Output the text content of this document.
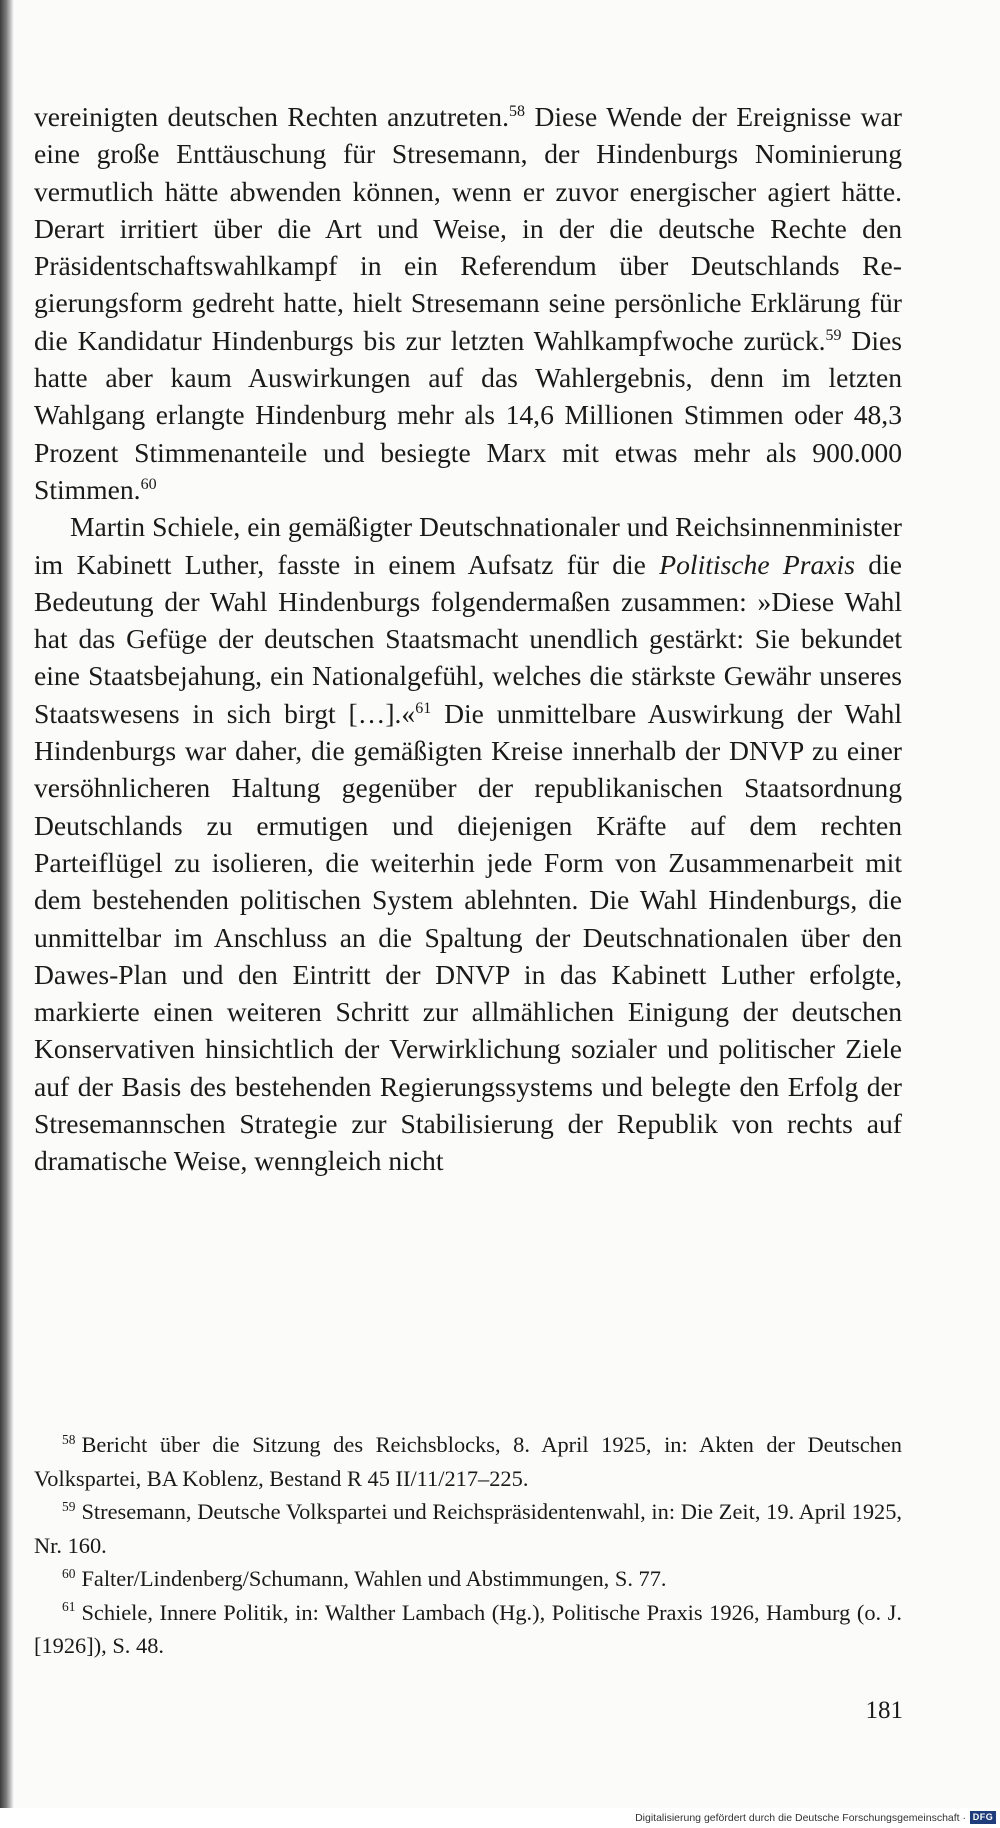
vereinigten deutschen Rechten anzutreten.$^{58}$ Diese Wende der Ereignisse war eine große Enttäuschung für Stresemann, der Hindenburgs Nominierung vermutlich hätte abwenden können, wenn er zuvor energischer agiert hätte. Derart irritiert über die Art und Weise, in der die deutsche Rechte den Präsidentschaftswahlkampf in ein Referendum über Deutschlands Regierungsform gedreht hatte, hielt Stresemann seine persönliche Erklärung für die Kandidatur Hindenburgs bis zur letzten Wahlkampfwoche zurück.$^{59}$ Dies hatte aber kaum Auswirkungen auf das Wahlergebnis, denn im letzten Wahlgang erlangte Hindenburg mehr als 14,6 Millionen Stimmen oder 48,3 Prozent Stimmenanteile und besiegte Marx mit etwas mehr als 900.000 Stimmen.$^{60}$

Martin Schiele, ein gemäßigter Deutschnationaler und Reichsinnenminister im Kabinett Luther, fasste in einem Aufsatz für die Politische Praxis die Bedeutung der Wahl Hindenburgs folgendermaßen zusammen: »Diese Wahl hat das Gefüge der deutschen Staatsmacht unendlich gestärkt: Sie bekundet eine Staatsbejahung, ein Nationalgefühl, welches die stärkste Gewähr unseres Staatswesens in sich birgt […].«$^{61}$ Die unmittelbare Auswirkung der Wahl Hindenburgs war daher, die gemäßigten Kreise innerhalb der DNVP zu einer versöhnlicheren Haltung gegenüber der republikanischen Staatsordnung Deutschlands zu ermutigen und diejenigen Kräfte auf dem rechten Parteiflügel zu isolieren, die weiterhin jede Form von Zusammenarbeit mit dem bestehenden politischen System ablehnten. Die Wahl Hindenburgs, die unmittelbar im Anschluss an die Spaltung der Deutschnationalen über den Dawes-Plan und den Eintritt der DNVP in das Kabinett Luther erfolgte, markierte einen weiteren Schritt zur allmählichen Einigung der deutschen Konservativen hinsichtlich der Verwirklichung sozialer und politischer Ziele auf der Basis des bestehenden Regierungssystems und belegte den Erfolg der Stresemannschen Strategie zur Stabilisierung der Republik von rechts auf dramatische Weise, wenngleich nicht

$^{58}$ Bericht über die Sitzung des Reichsblocks, 8. April 1925, in: Akten der Deutschen Volkspartei, BA Koblenz, Bestand R 45 II/11/217–225.

$^{59}$ Stresemann, Deutsche Volkspartei und Reichspräsidentenwahl, in: Die Zeit, 19. April 1925, Nr. 160.

$^{60}$ Falter/Lindenberg/Schumann, Wahlen und Abstimmungen, S. 77.

$^{61}$ Schiele, Innere Politik, in: Walther Lambach (Hg.), Politische Praxis 1926, Hamburg (o. J. [1926]), S. 48.

181
Digitalisierung gefördert durch die Deutsche Forschungsgemeinschaft · DFG
